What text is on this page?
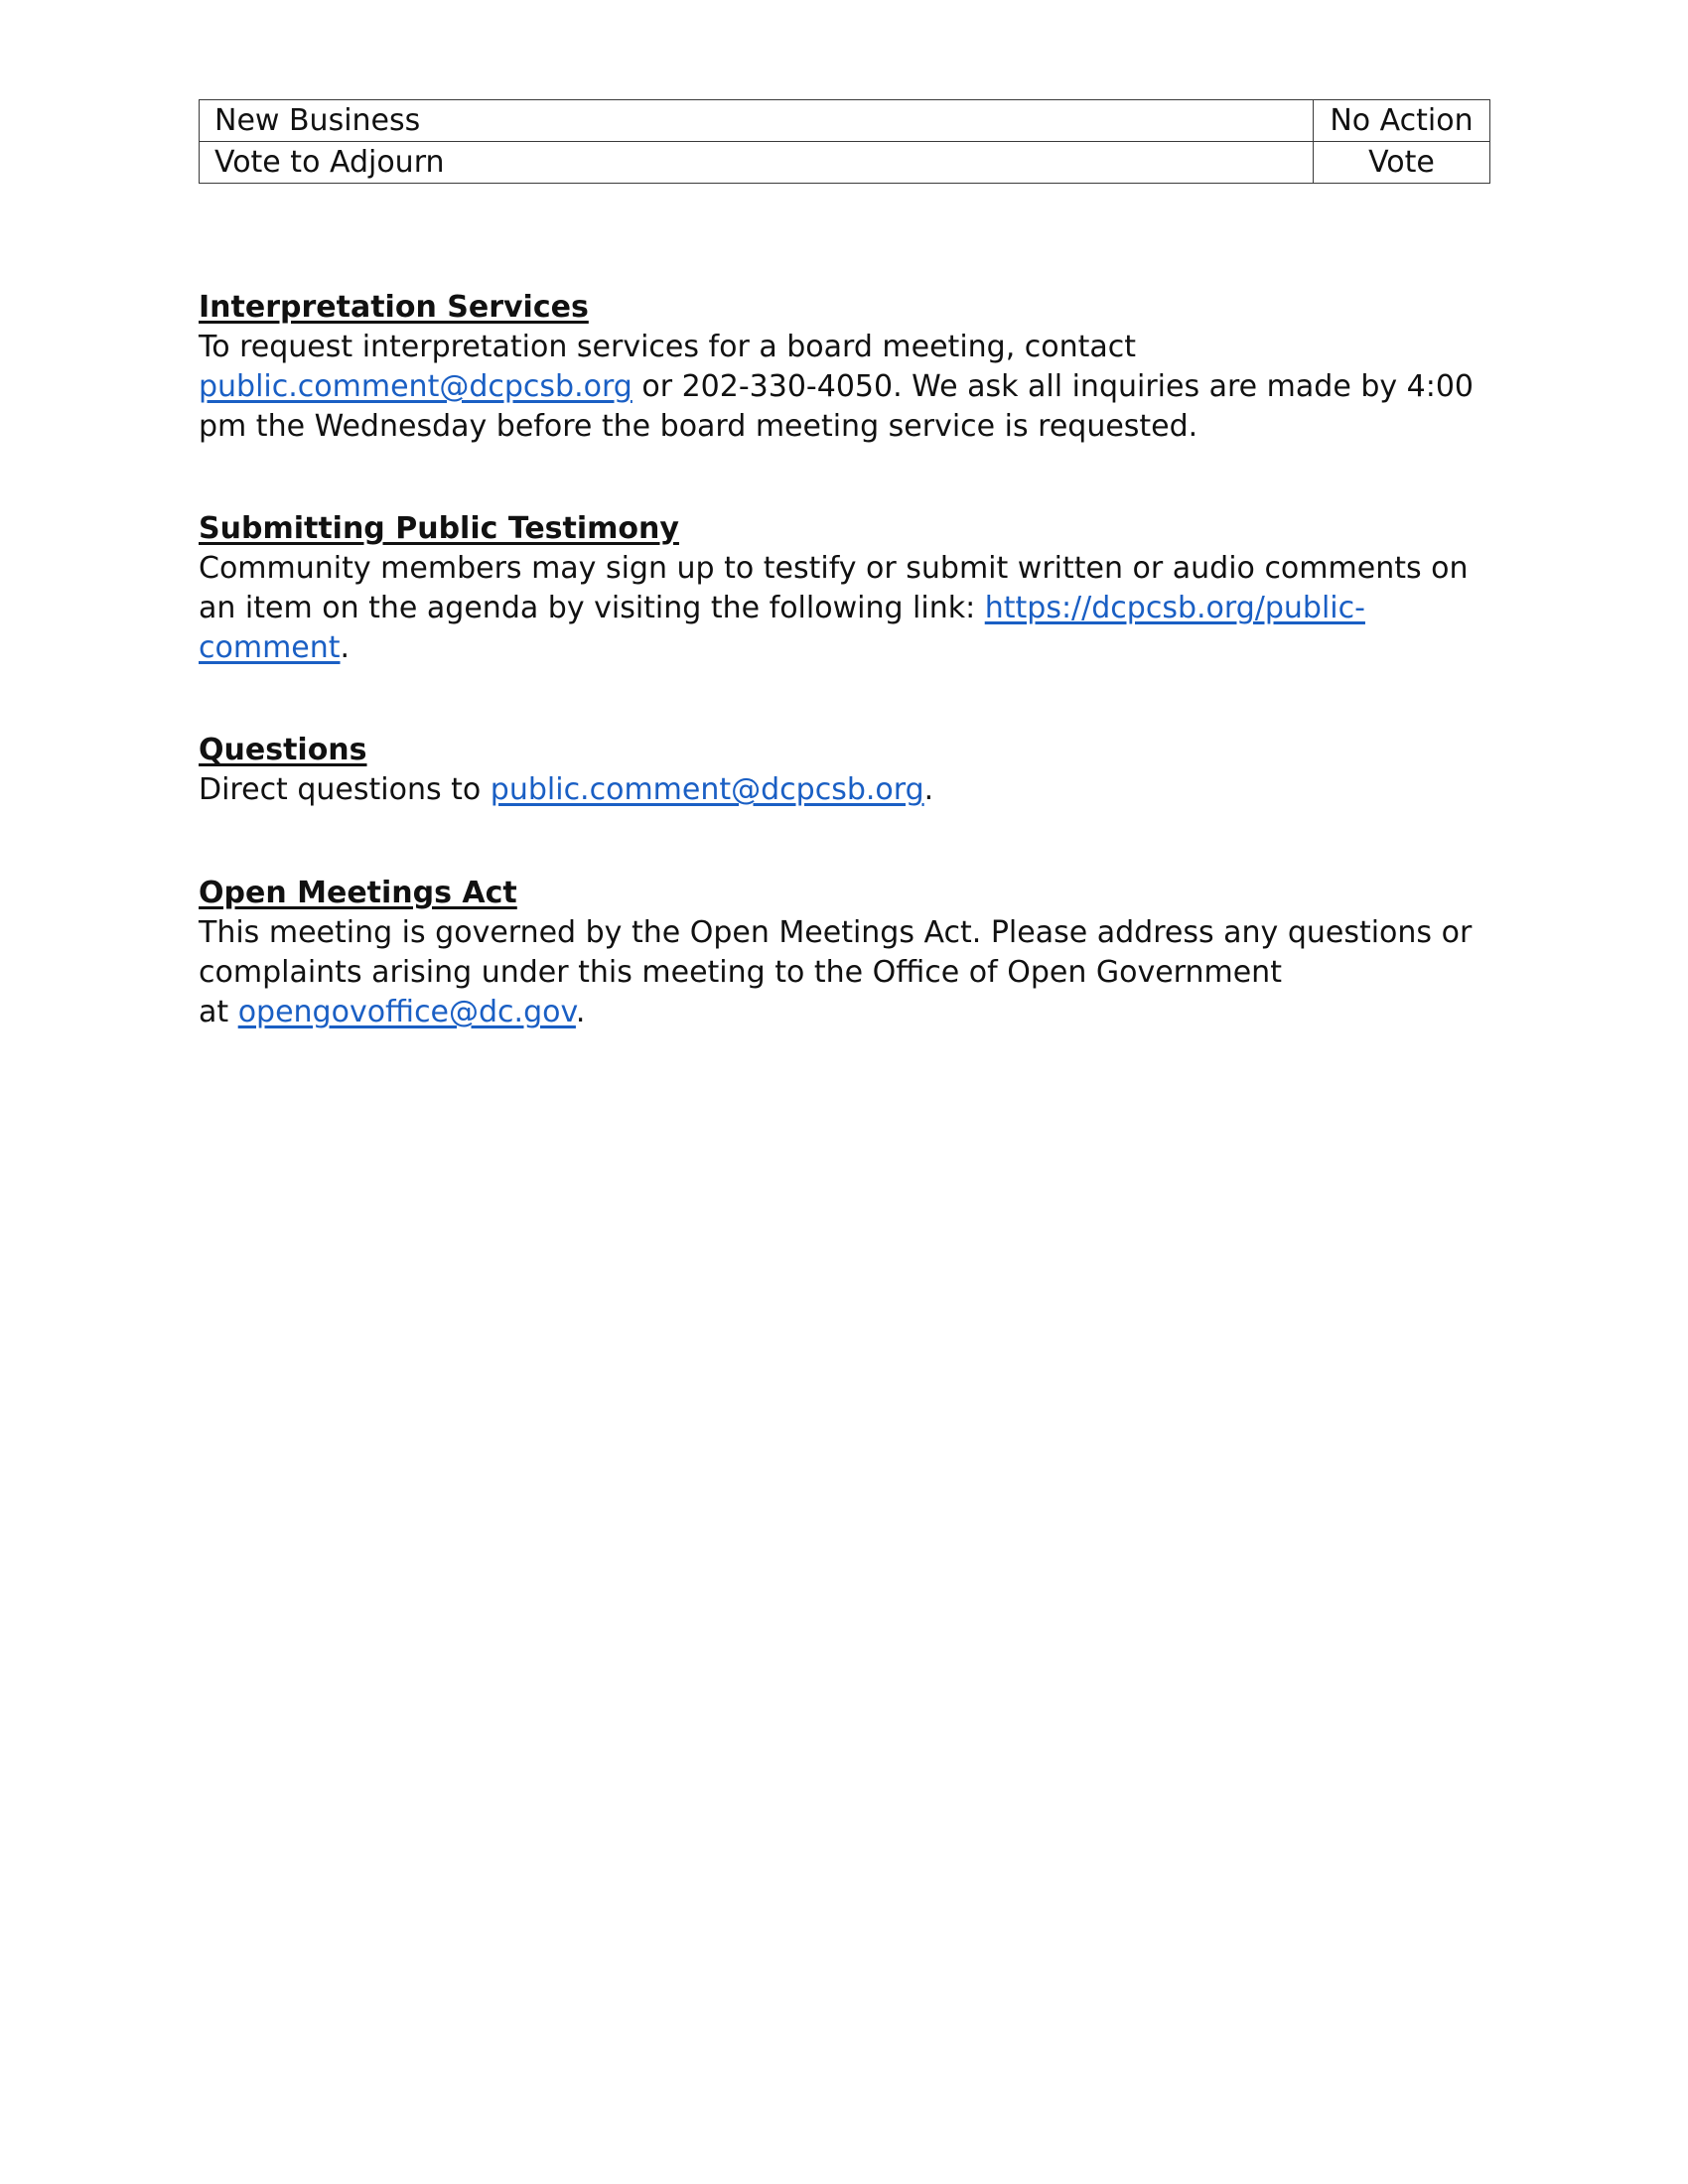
New Business	No Action
Vote to Adjourn	Vote
Interpretation Services

To request interpretation services for a board meeting, contact
public.comment@dcpcsb.org or 202-330-4050. We ask all inquiries are made by 4:00 pm the Wednesday before the board meeting service is requested.

Submitting Public Testimony

Community members may sign up to testify or submit written or audio comments on an item on the agenda by visiting the following link: https://dcpcsb.org/public-comment.

Questions

Direct questions to public.comment@dcpcsb.org.

Open Meetings Act

This meeting is governed by the Open Meetings Act. Please address any questions or complaints arising under this meeting to the Office of Open Government
at opengovoffice@dc.gov.
